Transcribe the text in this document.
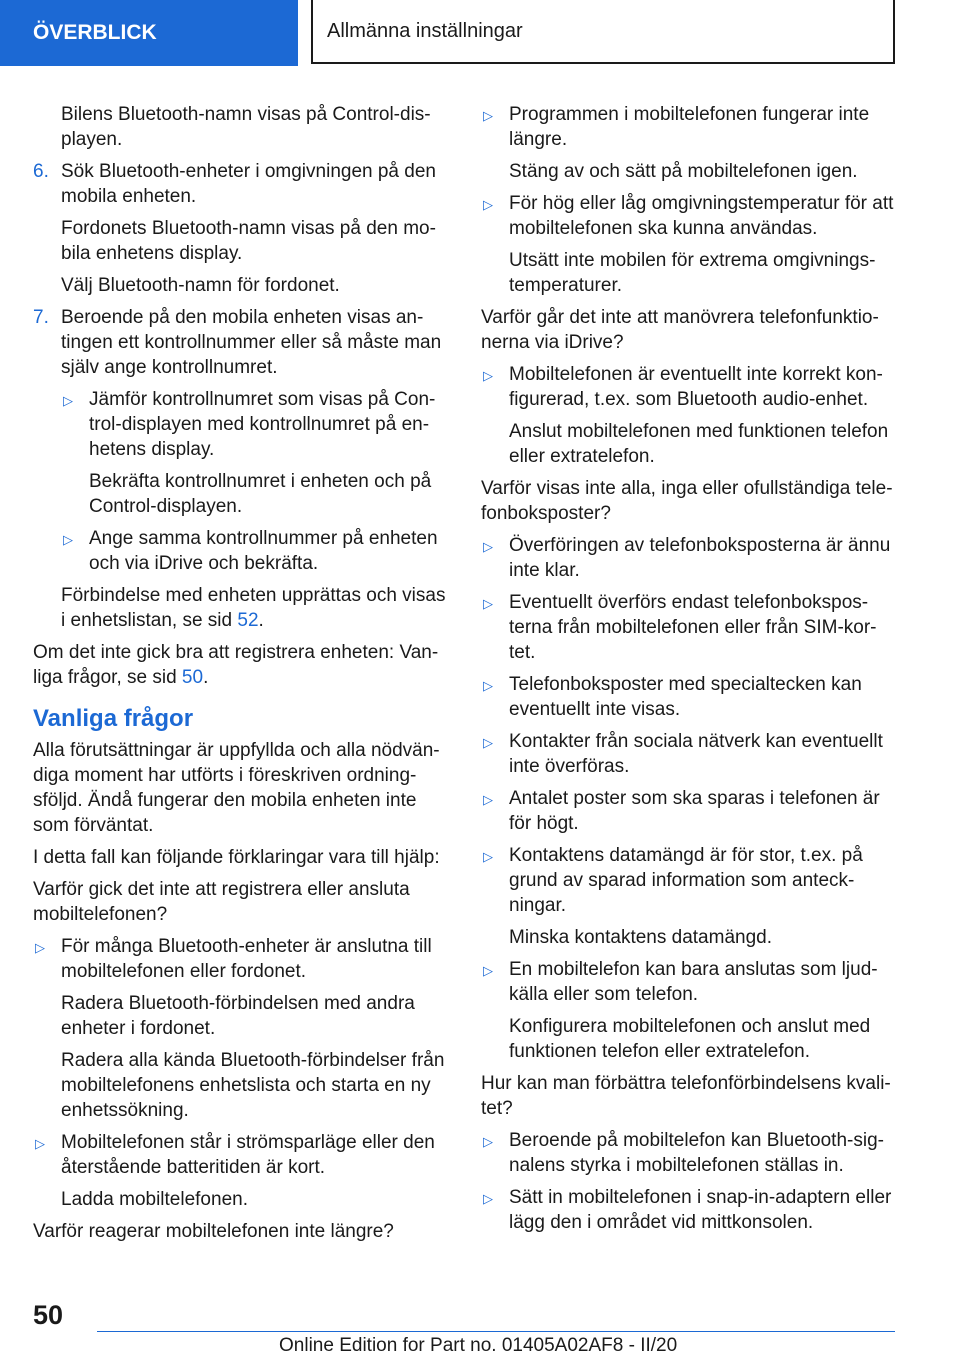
ÖVERBLICK	Allmänna inställningar

Bilens Bluetooth-namn visas på Control-dis- playen.

6. Sök Bluetooth-enheter i omgivningen på den mobila enheten.

Fordonets Bluetooth-namn visas på den mo-bila enhetens display.

Välj Bluetooth-namn för fordonet.

7. Beroende på den mobila enheten visas an-tingen ett kontrollnummer eller så måste man själv ange kontrollnumret.

▷ Jämför kontrollnumret som visas på Con-trol-displayen med kontrollnumret på en-hetens display.

Bekräfta kontrollnumret i enheten och på Control-displayen.

▷ Ange samma kontrollnummer på enheten och via iDrive och bekräfta.

Förbindelse med enheten upprättas och visas i enhetslistan, se sid 52.

Om det inte gick bra att registrera enheten: Van-liga frågor, se sid 50.

Vanliga frågor

Alla förutsättningar är uppfyllda och alla nödvän-diga moment har utförts i föreskriven ordning-sföljd. Ändå fungerar den mobila enheten inte som förväntat.

I detta fall kan följande förklaringar vara till hjälp:

Varför gick det inte att registrera eller ansluta mobiltelefonen?

▷ För många Bluetooth-enheter är anslutna till mobiltelefonen eller fordonet.

Radera Bluetooth-förbindelsen med andra enheter i fordonet.

Radera alla kända Bluetooth-förbindelser från mobiltelefonens enhetslista och starta en ny enhetssökning.

▷ Mobiltelefonen står i strömsparläge eller den återstående batteritiden är kort.

Ladda mobiltelefonen.

Varför reagerar mobiltelefonen inte längre?

▷ Programmen i mobiltelefonen fungerar inte längre.

Stäng av och sätt på mobiltelefonen igen.

▷ För hög eller låg omgivningstemperatur för att mobiltelefonen ska kunna användas.

Utsätt inte mobilen för extrema omgivnings-temperaturer.

Varför går det inte att manövrera telefonfunktio-nerna via iDrive?

▷ Mobiltelefonen är eventuellt inte korrekt kon-figurerad, t.ex. som Bluetooth audio-enhet.

Anslut mobiltelefonen med funktionen telefon eller extratelefon.

Varför visas inte alla, inga eller ofullständiga tele-fonboksposter?

▷ Överföringen av telefonboksposterna är ännu inte klar.

▷ Eventuellt överförs endast telefonbokspos-terna från mobiltelefonen eller från SIM-kor-tet.

▷ Telefonboksposter med specialtecken kan eventuellt inte visas.

▷ Kontakter från sociala nätverk kan eventuellt inte överföras.

▷ Antalet poster som ska sparas i telefonen är för högt.

▷ Kontaktens datamängd är för stor, t.ex. på grund av sparad information som anteck-ningar.

Minska kontaktens datamängd.

▷ En mobiltelefon kan bara anslutas som ljud-källa eller som telefon.

Konfigurera mobiltelefonen och anslut med funktionen telefon eller extratelefon.

Hur kan man förbättra telefonförbindelsens kvali-tet?

▷ Beroende på mobiltelefon kan Bluetooth-sig-nalens styrka i mobiltelefonen ställas in.

▷ Sätt in mobiltelefonen i snap-in-adaptern eller lägg den i området vid mittkonsolen.

50
Online Edition for Part no. 01405A02AF8 - II/20
